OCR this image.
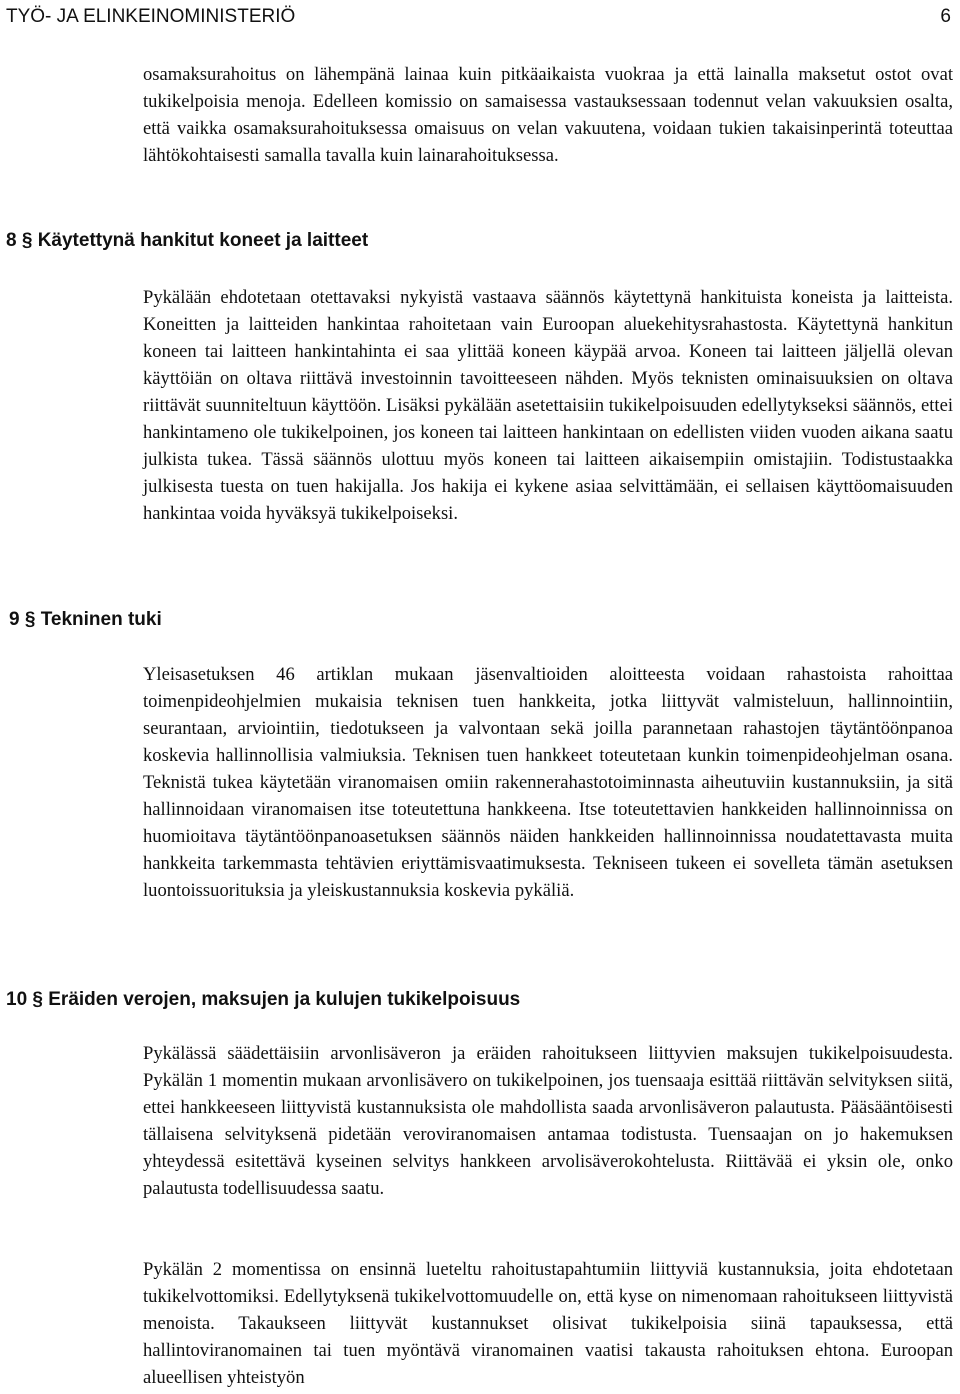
TYÖ- JA ELINKEINOMINISTERIÖ	6

osamaksurahoitus on lähempänä lainaa kuin pitkäaikaista vuokraa ja että lainalla maksetut ostot ovat tukikelpoisia menoja. Edelleen komissio on samaisessa vastauksessaan todennut velan vakuuksien osalta, että vaikka osamaksurahoituksessa omaisuus on velan vakuutena, voidaan tukien takaisinperintä toteuttaa lähtökohtaisesti samalla tavalla kuin lainarahoituksessa.

8 § Käytettynä hankitut koneet ja laitteet

Pykälään ehdotetaan otettavaksi nykyistä vastaava säännös käytettynä hankituista koneista ja laitteista. Koneitten ja laitteiden hankintaa rahoitetaan vain Euroopan aluekehitysrahastosta. Käytettynä hankitun koneen tai laitteen hankintahinta ei saa ylittää koneen käypää arvoa. Koneen tai laitteen jäljellä olevan käyttöiän on oltava riittävä investoinnin tavoitteeseen nähden. Myös teknisten ominaisuuksien on oltava riittävät suunniteltuun käyttöön. Lisäksi pykälään asetettaisiin tukikelpoisuuden edellytykseksi säännös, ettei hankintameno ole tukikelpoinen, jos koneen tai laitteen hankintaan on edellisten viiden vuoden aikana saatu julkista tukea. Tässä säännös ulottuu myös koneen tai laitteen aikaisempiin omistajiin. Todistustaakka julkisesta tuesta on tuen hakijalla. Jos hakija ei kykene asiaa selvittämään, ei sellaisen käyttöomaisuuden hankintaa voida hyväksyä tukikelpoiseksi.

9 § Tekninen tuki

Yleisasetuksen 46 artiklan mukaan jäsenvaltioiden aloitteesta voidaan rahastoista rahoittaa toimenpideohjelmien mukaisia teknisen tuen hankkeita, jotka liittyvät valmisteluun, hallinnointiin, seurantaan, arviointiin, tiedotukseen ja valvontaan sekä joilla parannetaan rahastojen täytäntöönpanoa koskevia hallinnollisia valmiuksia. Teknisen tuen hankkeet toteutetaan kunkin toimenpideohjelman osana. Teknistä tukea käytetään viranomaisen omiin rakennerahastotoiminnasta aiheutuviin kustannuksiin, ja sitä hallinnoidaan viranomaisen itse toteutettuna hankkeena. Itse toteutettavien hankkeiden hallinnoinnissa on huomioitava täytäntöönpanoasetuksen säännös näiden hankkeiden hallinnoinnissa noudatettavasta muita hankkeita tarkemmasta tehtävien eriyttämisvaatimuksesta. Tekniseen tukeen ei sovelleta tämän asetuksen luontoissuorituksia ja yleiskustannuksia koskevia pykäliä.

10 § Eräiden verojen, maksujen ja kulujen tukikelpoisuus

Pykälässä säädettäisiin arvonlisäveron ja eräiden rahoitukseen liittyvien maksujen tukikelpoisuudesta. Pykälän 1 momentin mukaan arvonlisävero on tukikelpoinen, jos tuensaaja esittää riittävän selvityksen siitä, ettei hankkeeseen liittyvistä kustannuksista ole mahdollista saada arvonlisäveron palautusta. Pääsääntöisesti tällaisena selvityksenä pidetään veroviranomaisen antamaa todistusta. Tuensaajan on jo hakemuksen yhteydessä esitettävä kyseinen selvitys hankkeen arvolisäverokohtelusta. Riittävää ei yksin ole, onko palautusta todellisuudessa saatu.

Pykälän 2 momentissa on ensinnä lueteltu rahoitustapahtumiin liittyviä kustannuksia, joita ehdotetaan tukikelvottomiksi. Edellytyksenä tukikelvottomuudelle on, että kyse on nimenomaan rahoitukseen liittyvistä menoista. Takaukseen liittyvät kustannukset olisivat tukikelpoisia siinä tapauksessa, että hallintoviranomainen tai tuen myöntävä viranomainen vaatisi takausta rahoituksen ehtona. Euroopan alueellisen yhteistyön
